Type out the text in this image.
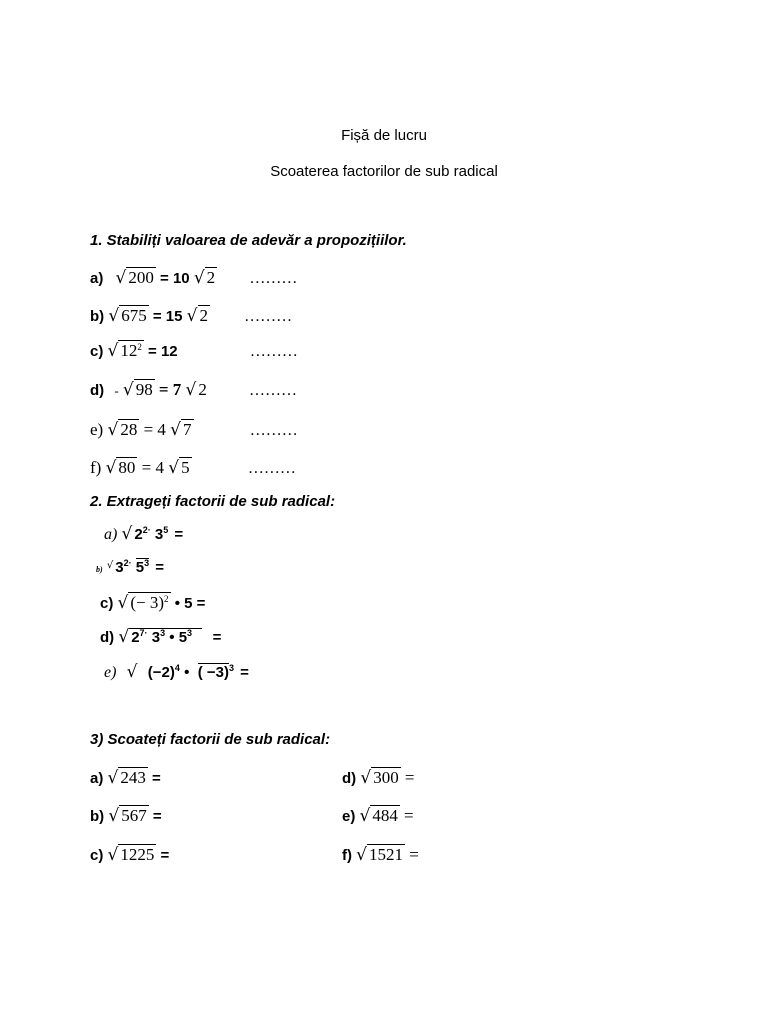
Fișă de lucru
Scoaterea factorilor de sub radical
1. Stabiliți valoarea de adevăr a propozițiilor.
a) √ 200 = 10 √ 2 ………
b) √ 675 = 15 √ 2 ………
c) √ $12^2 = 12$	………
d) - √ 98 = 7 √ 2	………
e) √ 28 = 4 √ 7	………
f) √ 80 = 4 √ 5	………
2. Extrageți factorii de sub radical:
a) √ $2^{2\cdot}$ $3^5$ =
b) √ $3^{2\cdot}$ $5^3$ =
c) √ (− 3)$^2$ • 5 =
d) √ $2^{7\cdot}$ $3^3$ • $5^3$ =
e) √ $(-2)^4$ • ( −3)$^3$ =
3) Scoateți factorii de sub radical:
a) √ 243 =
b) √ 567 =
c) √ 1225 =
d) √ 300 =
e) √ 484 =
f) √ 1521 =
